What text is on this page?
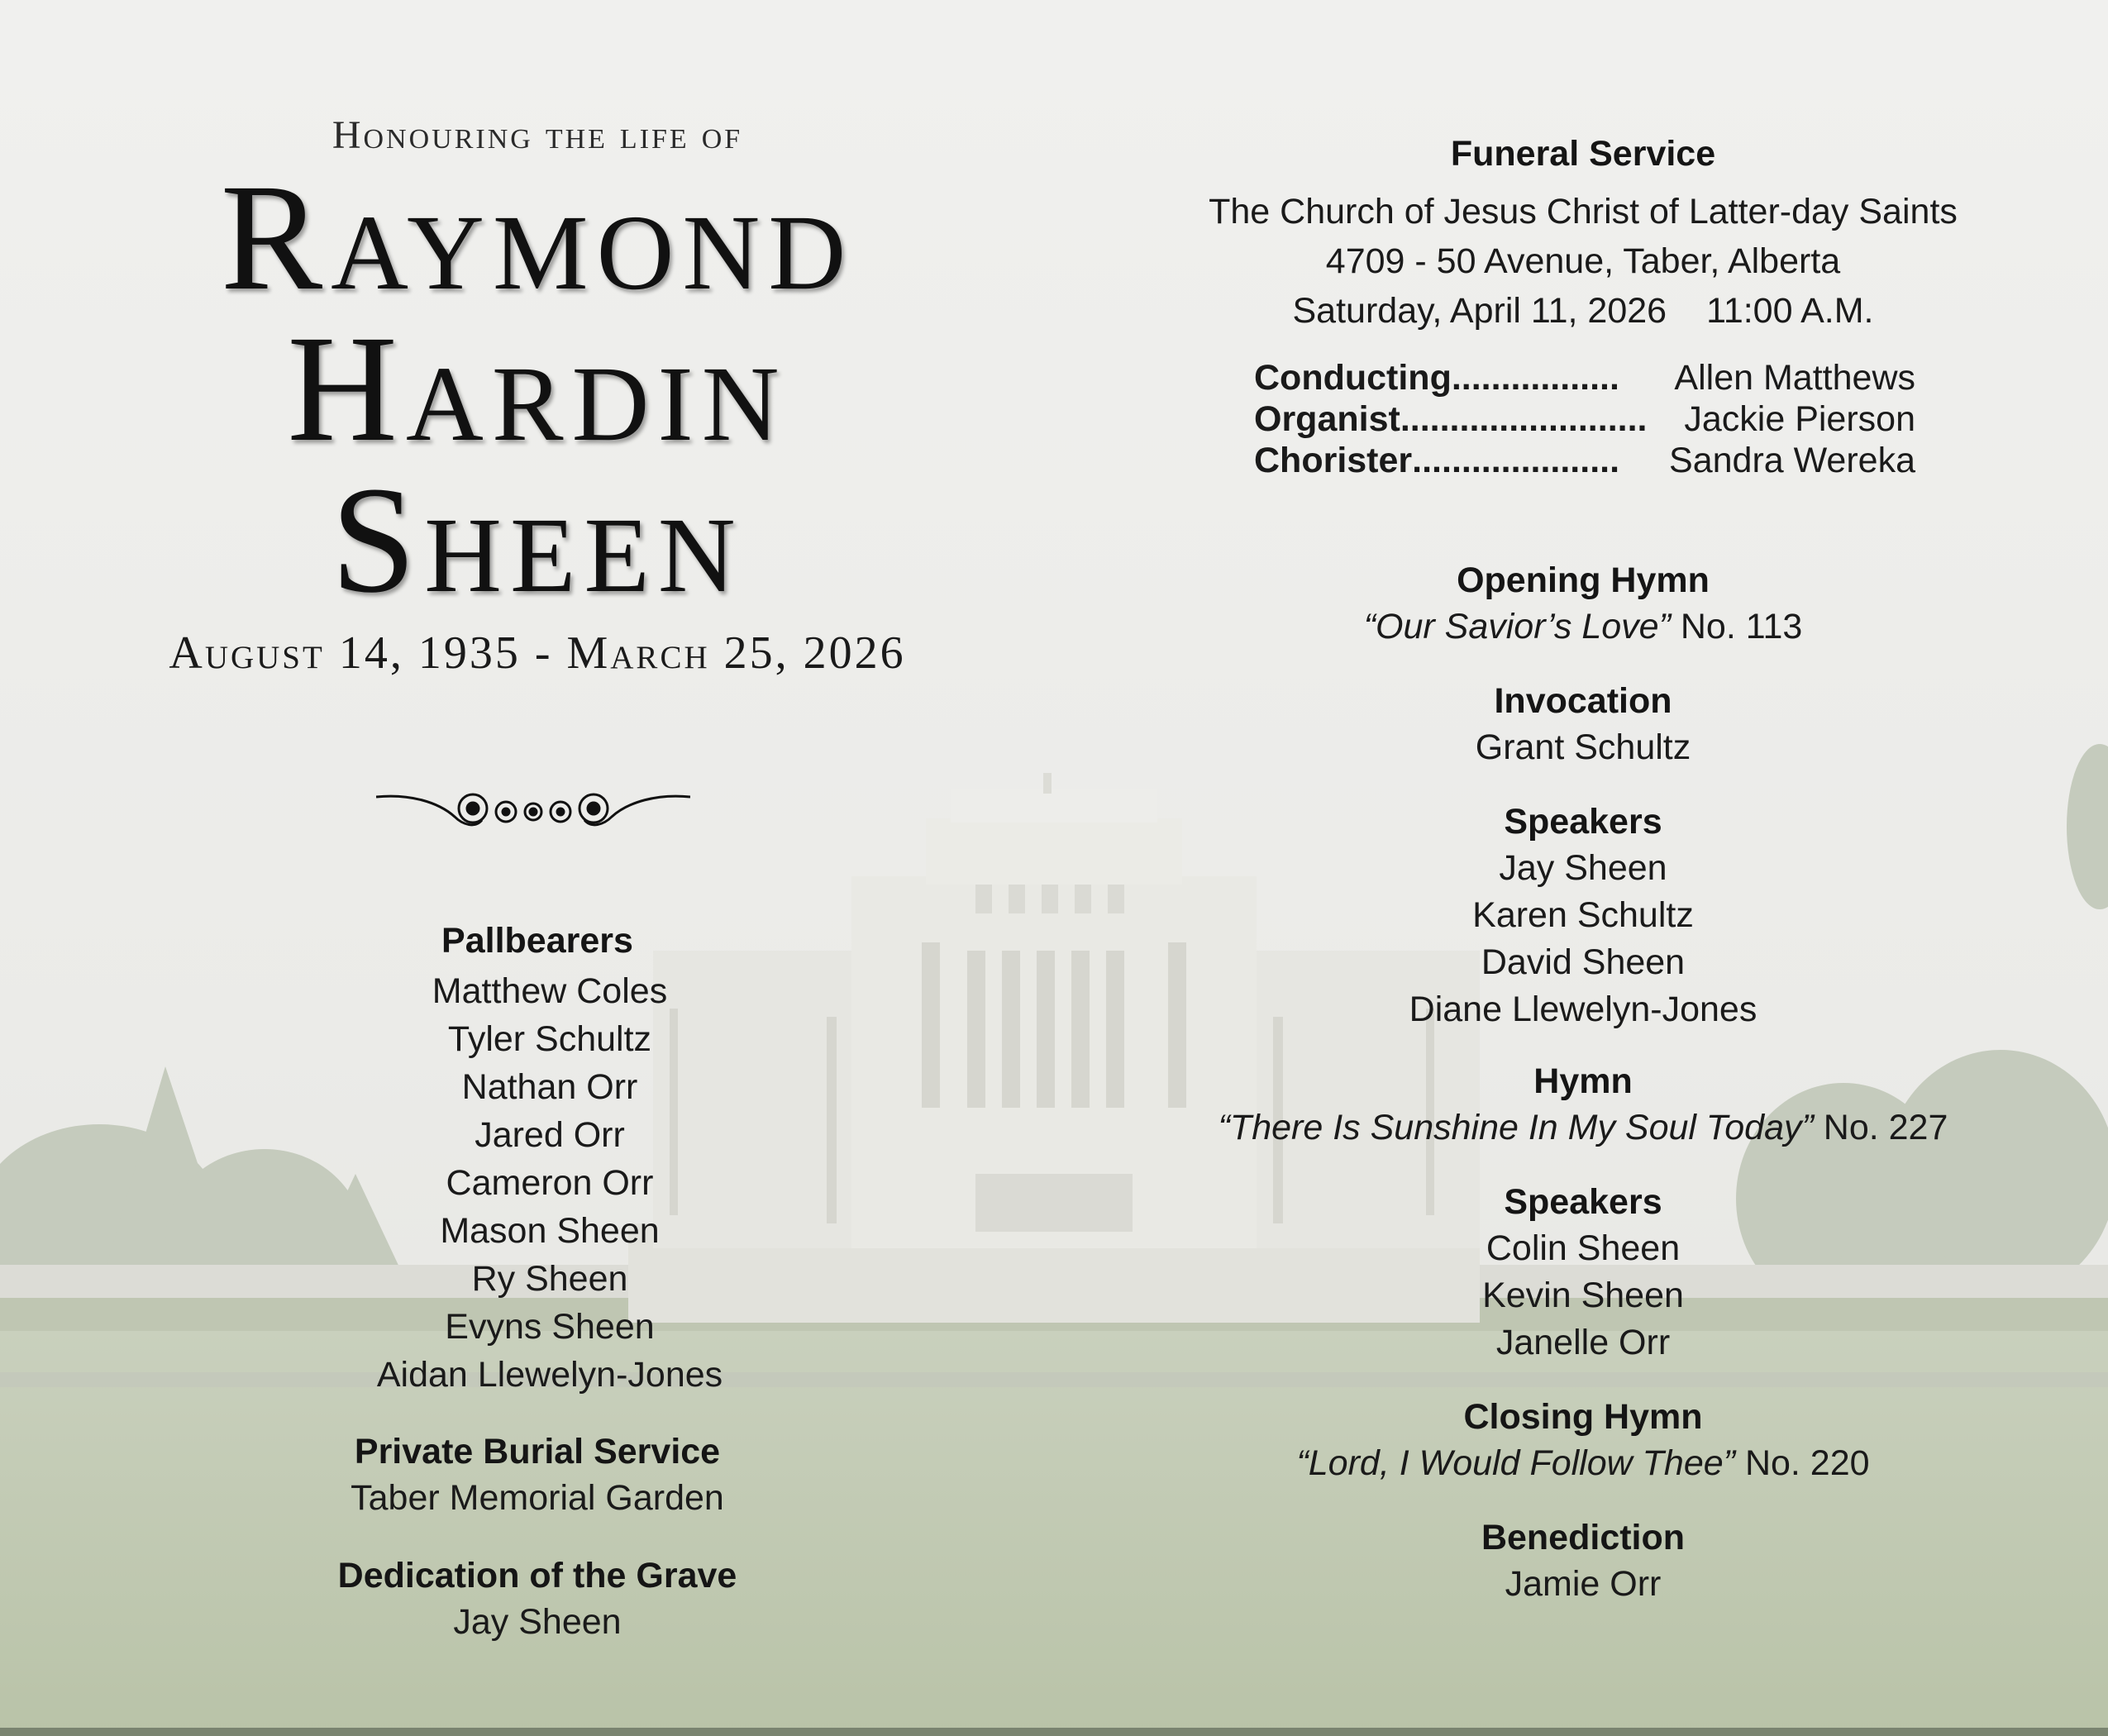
Honouring the life of
Raymond
Hardin
Sheen
August 14, 1935 - March 25, 2026
Pallbearers
Matthew Coles
Tyler Schultz
Nathan Orr
Jared Orr
Cameron Orr
Mason Sheen
Ry Sheen
Evyns Sheen
Aidan Llewelyn-Jones
Private Burial Service
Taber Memorial Garden
Dedication of the Grave
Jay Sheen
Funeral Service
The Church of Jesus Christ of Latter-day Saints
4709 - 50 Avenue, Taber, Alberta
Saturday, April 11, 2026 11:00 A.M.
Conducting ................. Allen Matthews
Organist ......................... Jackie Pierson
Chorister ..................... Sandra Wereka
Opening Hymn
“Our Savior’s Love” No. 113
Invocation
Grant Schultz
Speakers
Jay Sheen
Karen Schultz
David Sheen
Diane Llewelyn-Jones
Hymn
“There Is Sunshine In My Soul Today” No. 227
Speakers
Colin Sheen
Kevin Sheen
Janelle Orr
Closing Hymn
“Lord, I Would Follow Thee” No. 220
Benediction
Jamie Orr
